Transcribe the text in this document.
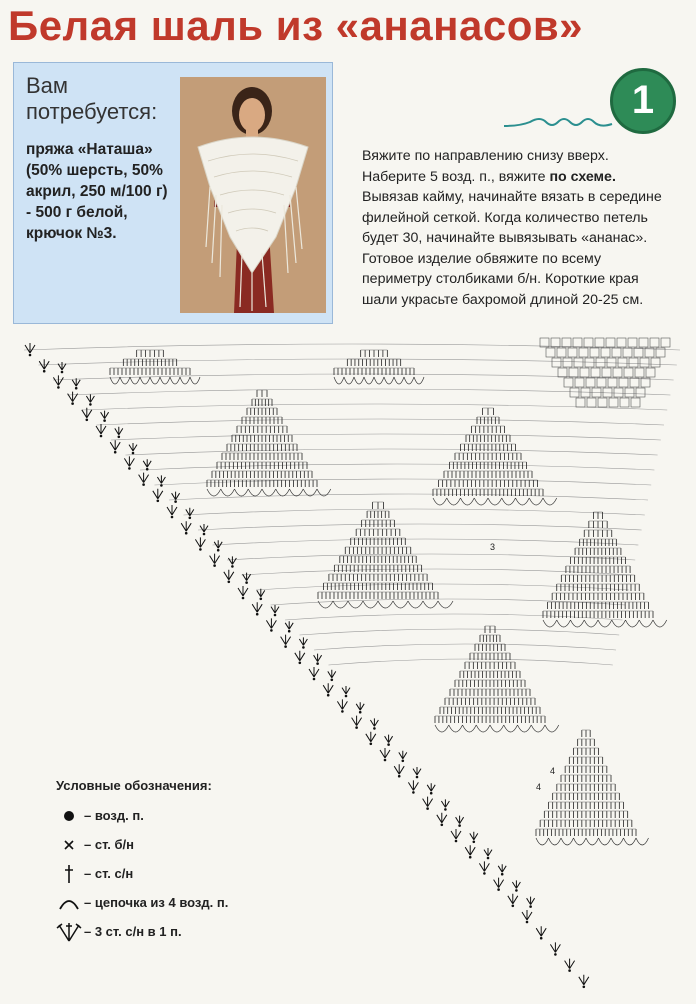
Белая шаль из «ананасов»
Вам потребуется:
пряжа «Наташа» (50% шерсть, 50% акрил, 250 м/100 г) - 500 г белой, крючок №3.
1

Вяжите по направлению снизу вверх. Наберите 5 возд. п., вяжите по схеме. Вывязав кайму, начинайте вязать в середине филейной сеткой. Когда количество петель будет 30, начинайте вывязывать «ананас». Готовое изделие обвяжите по всему периметру столбиками б/н. Короткие края шали украсьте бахромой длиной 20-25 см.

3
4
4
Условные обозначения:
– возд. п.
– ст. б/н
– ст. с/н
– цепочка из 4 возд. п.
– 3 ст. с/н в 1 п.
